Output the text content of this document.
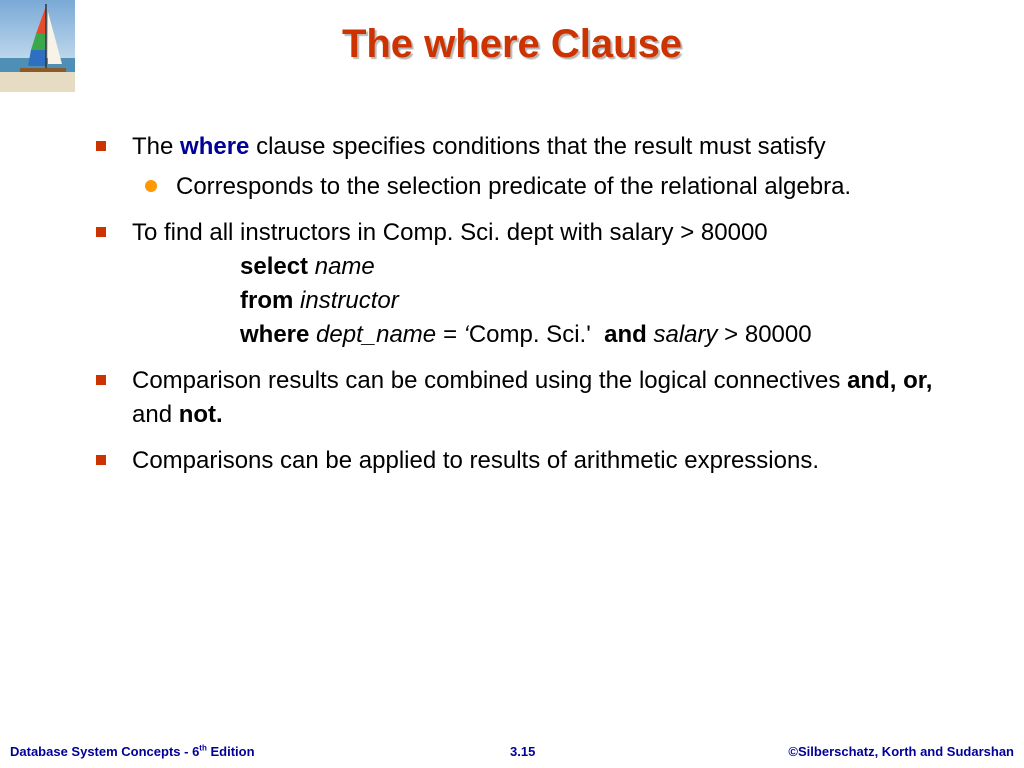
The where Clause
The where clause specifies conditions that the result must satisfy
Corresponds to the selection predicate of the relational algebra.
To find all instructors in Comp. Sci. dept with salary > 80000
select name
from instructor
where dept_name = ‘Comp. Sci.' and salary > 80000
Comparison results can be combined using the logical connectives and, or, and not.
Comparisons can be applied to results of arithmetic expressions.
Database System Concepts - 6th Edition	3.15	©Silberschatz, Korth and Sudarshan
